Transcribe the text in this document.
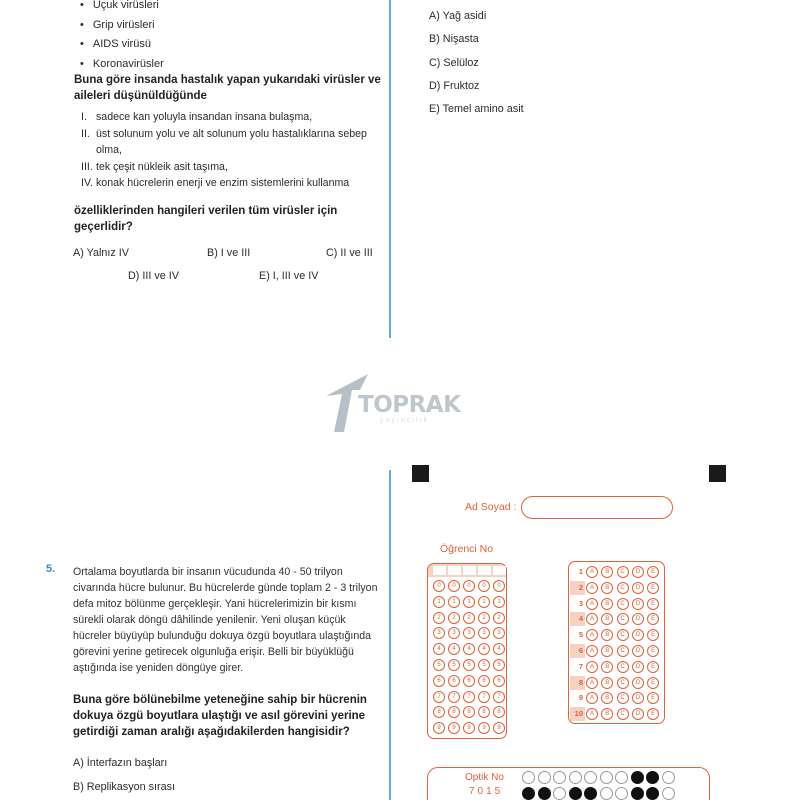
• Uçuk virüsleri
• Grip virüsleri
• AIDS virüsü
• Koronavirüsler
Buna göre insanda hastalık yapan yukarıdaki virüsler ve aileleri düşünüldüğünde
I. sadece kan yoluyla insandan insana bulaşma,
II. üst solunum yolu ve alt solunum yolu hastalıklarına sebep olma,
III. tek çeşit nükleik asit taşıma,
IV. konak hücrelerin enerji ve enzim sistemlerini kullanma
özelliklerinden hangileri verilen tüm virüsler için geçerlidir?
A) Yalnız IV	B) I ve III	C) II ve III
D) III ve IV	E) I, III ve IV
A) Yağ asidi
B) Nişasta
C) Selüloz
D) Fruktoz
E) Temel amino asit
TOPRAK
yayıncılık
5. Ortalama boyutlarda bir insanın vücudunda 40 - 50 trilyon civarında hücre bulunur. Bu hücrelerde günde toplam 2 - 3 trilyon defa mitoz bölünme gerçekleşir. Yani hücrelerimizin bir kısmı sürekli olarak döngü dâhilinde yenilenir. Yeni oluşan küçük hücreler büyüyüp bulunduğu dokuya özgü boyutlara ulaştığında görevini yerine getirecek olgunluğa erişir. Belli bir büyüklüğü aştığında ise yeniden döngüye girer.
Buna göre bölünebilme yeteneğine sahip bir hücrenin dokuya özgü boyutlara ulaştığı ve asıl görevini yerine getirdiği zaman aralığı aşağıdakilerden hangisidir?
A) İnterfazın başları
B) Replikasyon sırası
Ad Soyad :
Öğrenci No
0	0	0	0	0
1	1	1	1	1
2	2	2	2	2
3	3	3	3	3
4	4	4	4	4
5	5	5	5	5
6	6	6	6	6
7	7	7	7	7
8	8	8	8	8
9	9	9	9	9
1	A	B	C	D	E
2	A	B	C	D	E
3	A	B	C	D	E
4	A	B	C	D	E
5	A	B	C	D	E
6	A	B	C	D	E
7	A	B	C	D	E
8	A	B	C	D	E
9	A	B	C	D	E
10	A	B	C	D	E
Optik No
7015
